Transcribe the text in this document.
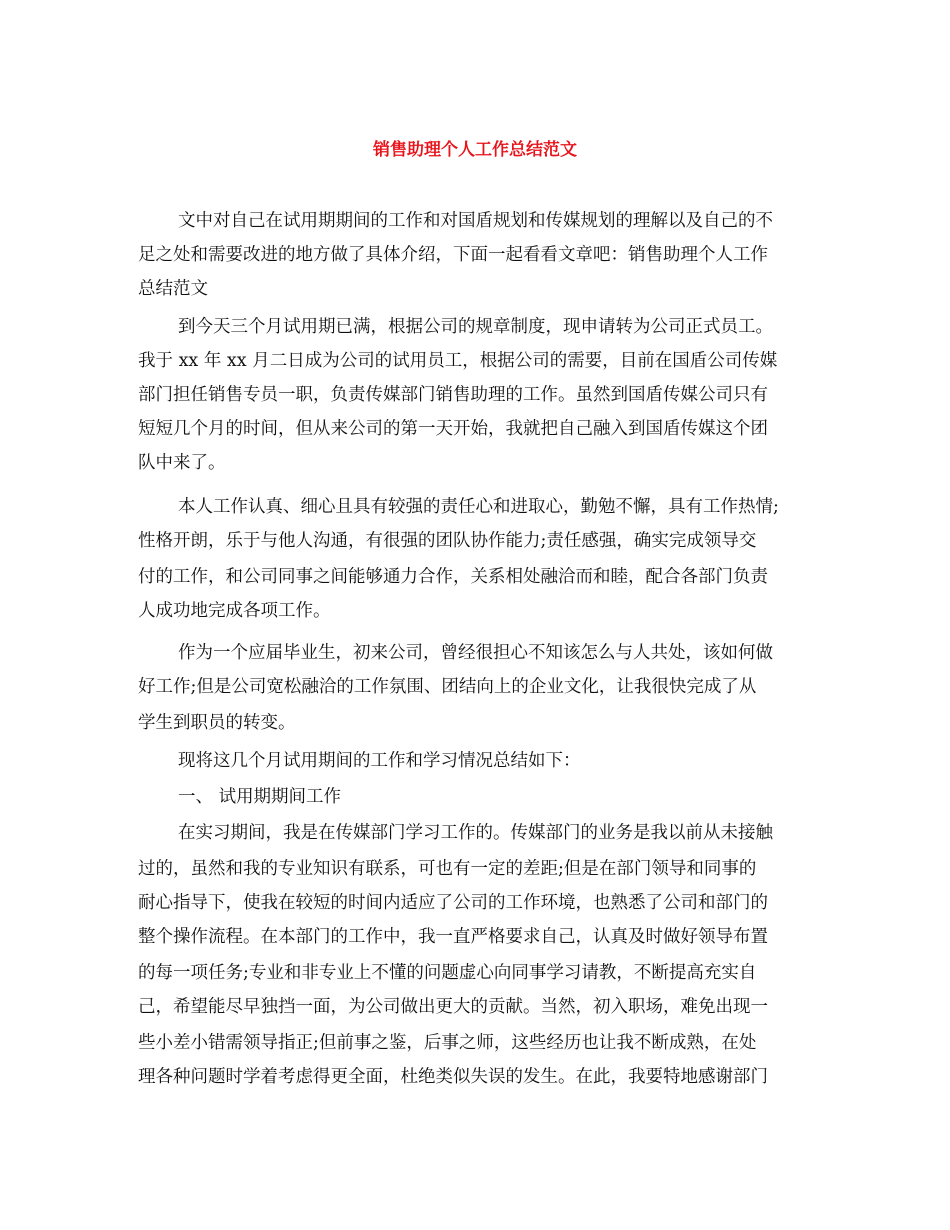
销售助理个人工作总结范文
文中对自己在试用期期间的工作和对国盾规划和传媒规划的理解以及自己的不
足之处和需要改进的地方做了具体介绍，下面一起看看文章吧：销售助理个人工作
总结范文
到今天三个月试用期已满，根据公司的规章制度，现申请转为公司正式员工。
我于 xx 年 xx 月二日成为公司的试用员工，根据公司的需要，目前在国盾公司传媒
部门担任销售专员一职，负责传媒部门销售助理的工作。虽然到国盾传媒公司只有
短短几个月的时间，但从来公司的第一天开始，我就把自己融入到国盾传媒这个团
队中来了。
本人工作认真、细心且具有较强的责任心和进取心，勤勉不懈，具有工作热情;
性格开朗，乐于与他人沟通，有很强的团队协作能力;责任感强，确实完成领导交
付的工作，和公司同事之间能够通力合作，关系相处融洽而和睦，配合各部门负责
人成功地完成各项工作。
作为一个应届毕业生，初来公司，曾经很担心不知该怎么与人共处，该如何做
好工作;但是公司宽松融洽的工作氛围、团结向上的企业文化，让我很快完成了从
学生到职员的转变。
现将这几个月试用期间的工作和学习情况总结如下：
一、 试用期期间工作
在实习期间，我是在传媒部门学习工作的。传媒部门的业务是我以前从未接触
过的，虽然和我的专业知识有联系，可也有一定的差距;但是在部门领导和同事的
耐心指导下，使我在较短的时间内适应了公司的工作环境，也熟悉了公司和部门的
整个操作流程。在本部门的工作中，我一直严格要求自己，认真及时做好领导布置
的每一项任务;专业和非专业上不懂的问题虚心向同事学习请教，不断提高充实自
己，希望能尽早独挡一面，为公司做出更大的贡献。当然，初入职场，难免出现一
些小差小错需领导指正;但前事之鉴，后事之师，这些经历也让我不断成熟，在处
理各种问题时学着考虑得更全面，杜绝类似失误的发生。在此，我要特地感谢部门
